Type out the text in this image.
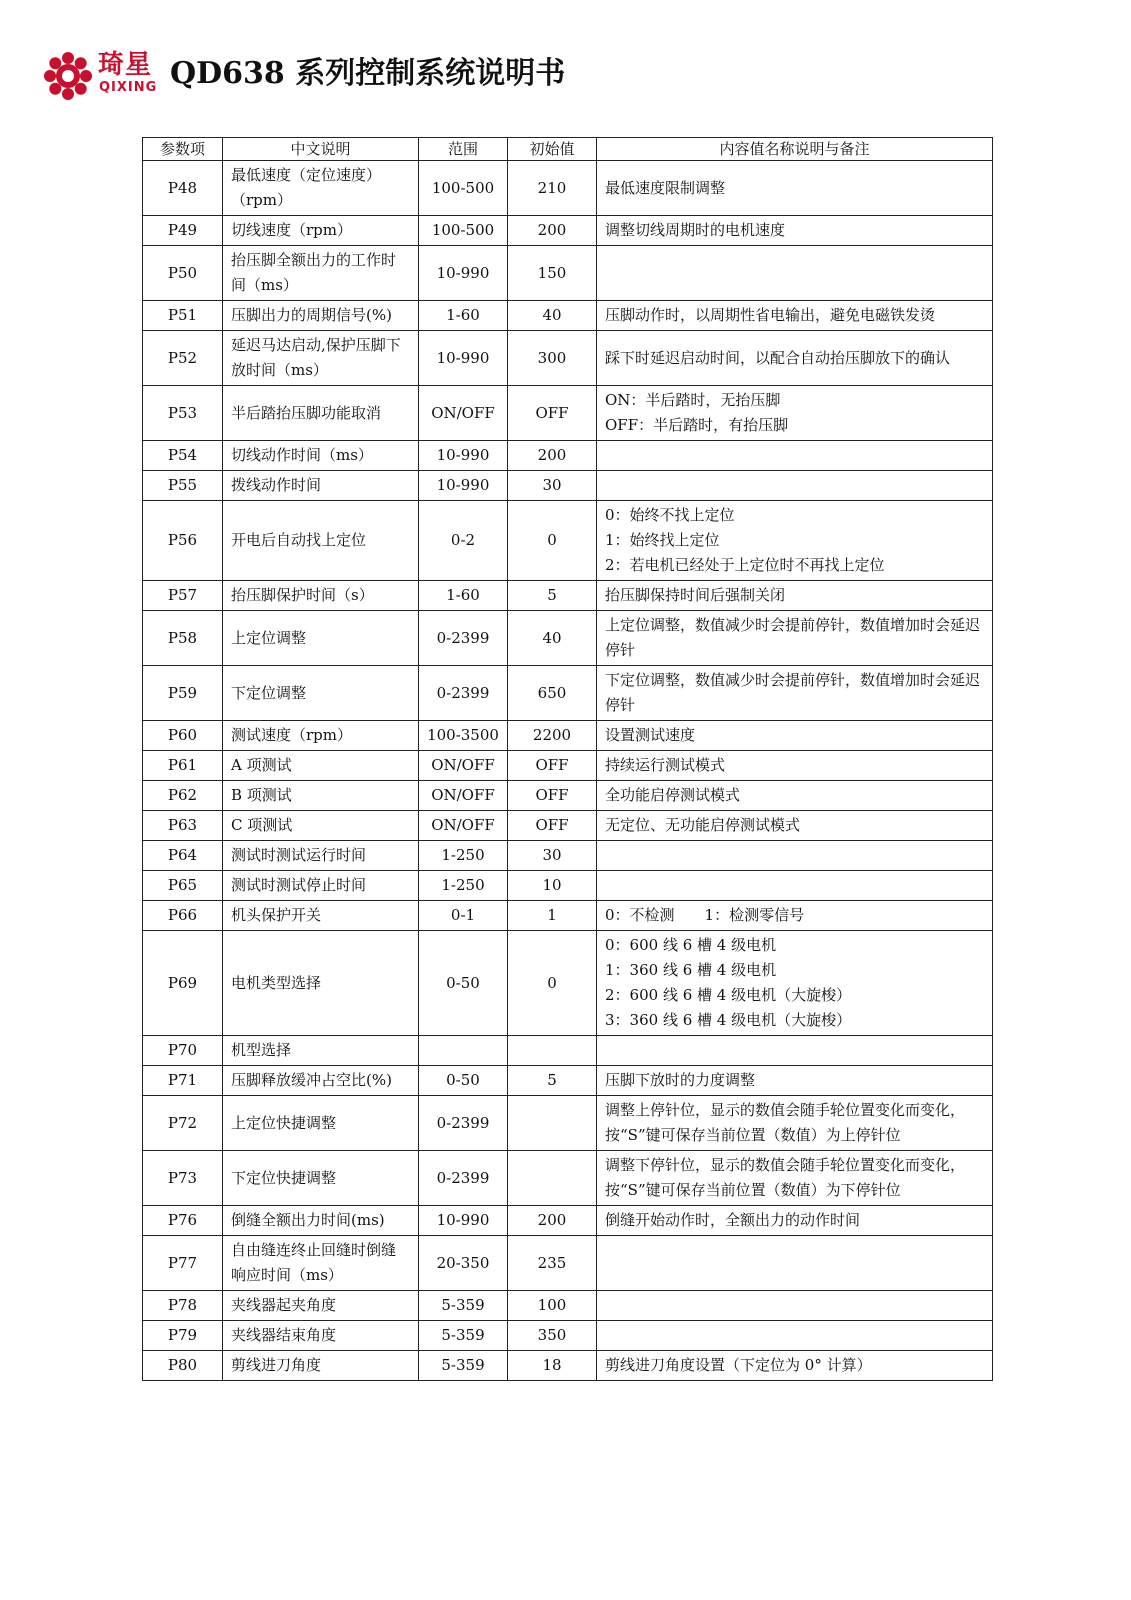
琦星
QIXING QD638 系列控制系统说明书
参数项	中文说明	范围	初始值	内容值名称说明与备注
P48	最低速度（定位速度）（rpm）	100-500	210	最低速度限制调整

P49	切线速度（rpm）	100-500	200	调整切线周期时的电机速度

P50	抬压脚全额出力的工作时间（ms）	10-990	150	
P51	压脚出力的周期信号(%)	1-60	40	压脚动作时，以周期性省电输出，避免电磁铁发烫

P52	延迟马达启动,保护压脚下放时间（ms）	10-990	300	踩下时延迟启动时间，以配合自动抬压脚放下的确认

P53	半后踏抬压脚功能取消	ON/OFF	OFF	ON：半后踏时，无抬压脚
OFF：半后踏时，有抬压脚

P54	切线动作时间（ms）	10-990	200	
P55	拨线动作时间	10-990	30	
P56	开电后自动找上定位	0-2	0	0：始终不找上定位
1：始终找上定位
2：若电机已经处于上定位时不再找上定位

P57	抬压脚保护时间（s）	1-60	5	抬压脚保持时间后强制关闭

P58	上定位调整	0-2399	40	上定位调整，数值减少时会提前停针，数值增加时会延迟停针

P59	下定位调整	0-2399	650	下定位调整，数值减少时会提前停针，数值增加时会延迟停针

P60	测试速度（rpm）	100-3500	2200	设置测试速度

P61	A 项测试	ON/OFF	OFF	持续运行测试模式

P62	B 项测试	ON/OFF	OFF	全功能启停测试模式

P63	C 项测试	ON/OFF	OFF	无定位、无功能启停测试模式

P64	测试时测试运行时间	1-250	30	
P65	测试时测试停止时间	1-250	10	
P66	机头保护开关	0-1	1	0：不检测　　1：检测零信号

P69	电机类型选择	0-50	0	0：600 线 6 槽 4 级电机
1：360 线 6 槽 4 级电机
2：600 线 6 槽 4 级电机（大旋梭）
3：360 线 6 槽 4 级电机（大旋梭）

P70	机型选择			
P71	压脚释放缓冲占空比(%)	0-50	5	压脚下放时的力度调整

P72	上定位快捷调整	0-2399		调整上停针位，显示的数值会随手轮位置变化而变化，按“S”键可保存当前位置（数值）为上停针位

P73	下定位快捷调整	0-2399		调整下停针位，显示的数值会随手轮位置变化而变化，按“S”键可保存当前位置（数值）为下停针位

P76	倒缝全额出力时间(ms)	10-990	200	倒缝开始动作时，全额出力的动作时间

P77	自由缝连终止回缝时倒缝响应时间（ms）	20-350	235	
P78	夹线器起夹角度	5-359	100	
P79	夹线器结束角度	5-359	350	
P80	剪线进刀角度	5-359	18	剪线进刀角度设置（下定位为 0° 计算）
